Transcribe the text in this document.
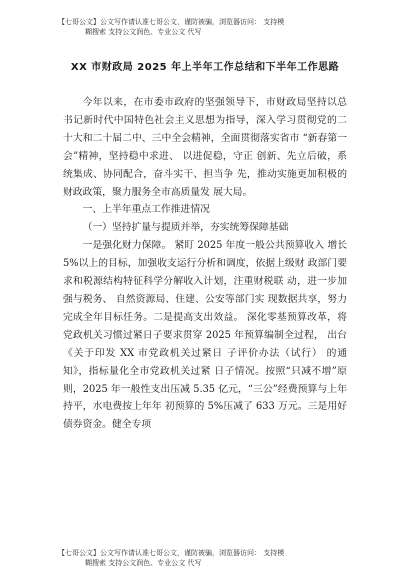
【七哥公文】公文写作请认准七哥公文，谨防被骗，浏览器访问： 支持模
糊搜索 支持公文润色、专业公文 代写
XX 市财政局 2025 年上半年工作总结和下半年工作思路

今年以来，在市委市政府的坚强领导下，市财政局坚持以总书记新时代中国特色社会主义思想为指导，深入学习贯彻党的二十大和二十届二中、三中全会精神，全面贯彻落实省市 “新春第一会”精神，坚持稳中求进、 以进促稳，守正 创新、先立后破，系统集成、协同配合，奋斗实干、担当争 先，推动实施更加积极的财政政策，聚力服务全市高质量发 展大局。

一、上半年重点工作推进情况

（一）坚持扩量与提质并举，夯实统筹保障基础

一是强化财力保障。 紧盯 2025 年度一般公共预算收入 增长 5%以上的目标，加强收支运行分析和调度，依据上级财 政部门要求和税源结构特征科学分解收入计划，注重财税联 动，进一步加强与税务、 自然资源局、住建、公安等部门实 现数据共享，努力完成全年目标任务。二是提高支出效益。 深化零基预算改革，将党政机关习惯过紧日子要求贯穿 2025 年预算编制全过程， 出台《关于印发 XX 市党政机关过紧日 子评价办法（试行） 的通知》，指标量化全市党政机关过紧 日子情况。按照“只减不增”原则，2025 年一般性支出压减 5.35 亿元，“三公”经费预算与上年持平，水电费按上年年 初预算的 5%压减了 633 万元。三是用好债券资金。健全专项

【七哥公文】公文写作请认准七哥公文，谨防被骗，浏览器访问： 支持模
糊搜索 支持公文润色、专业公文 代写
